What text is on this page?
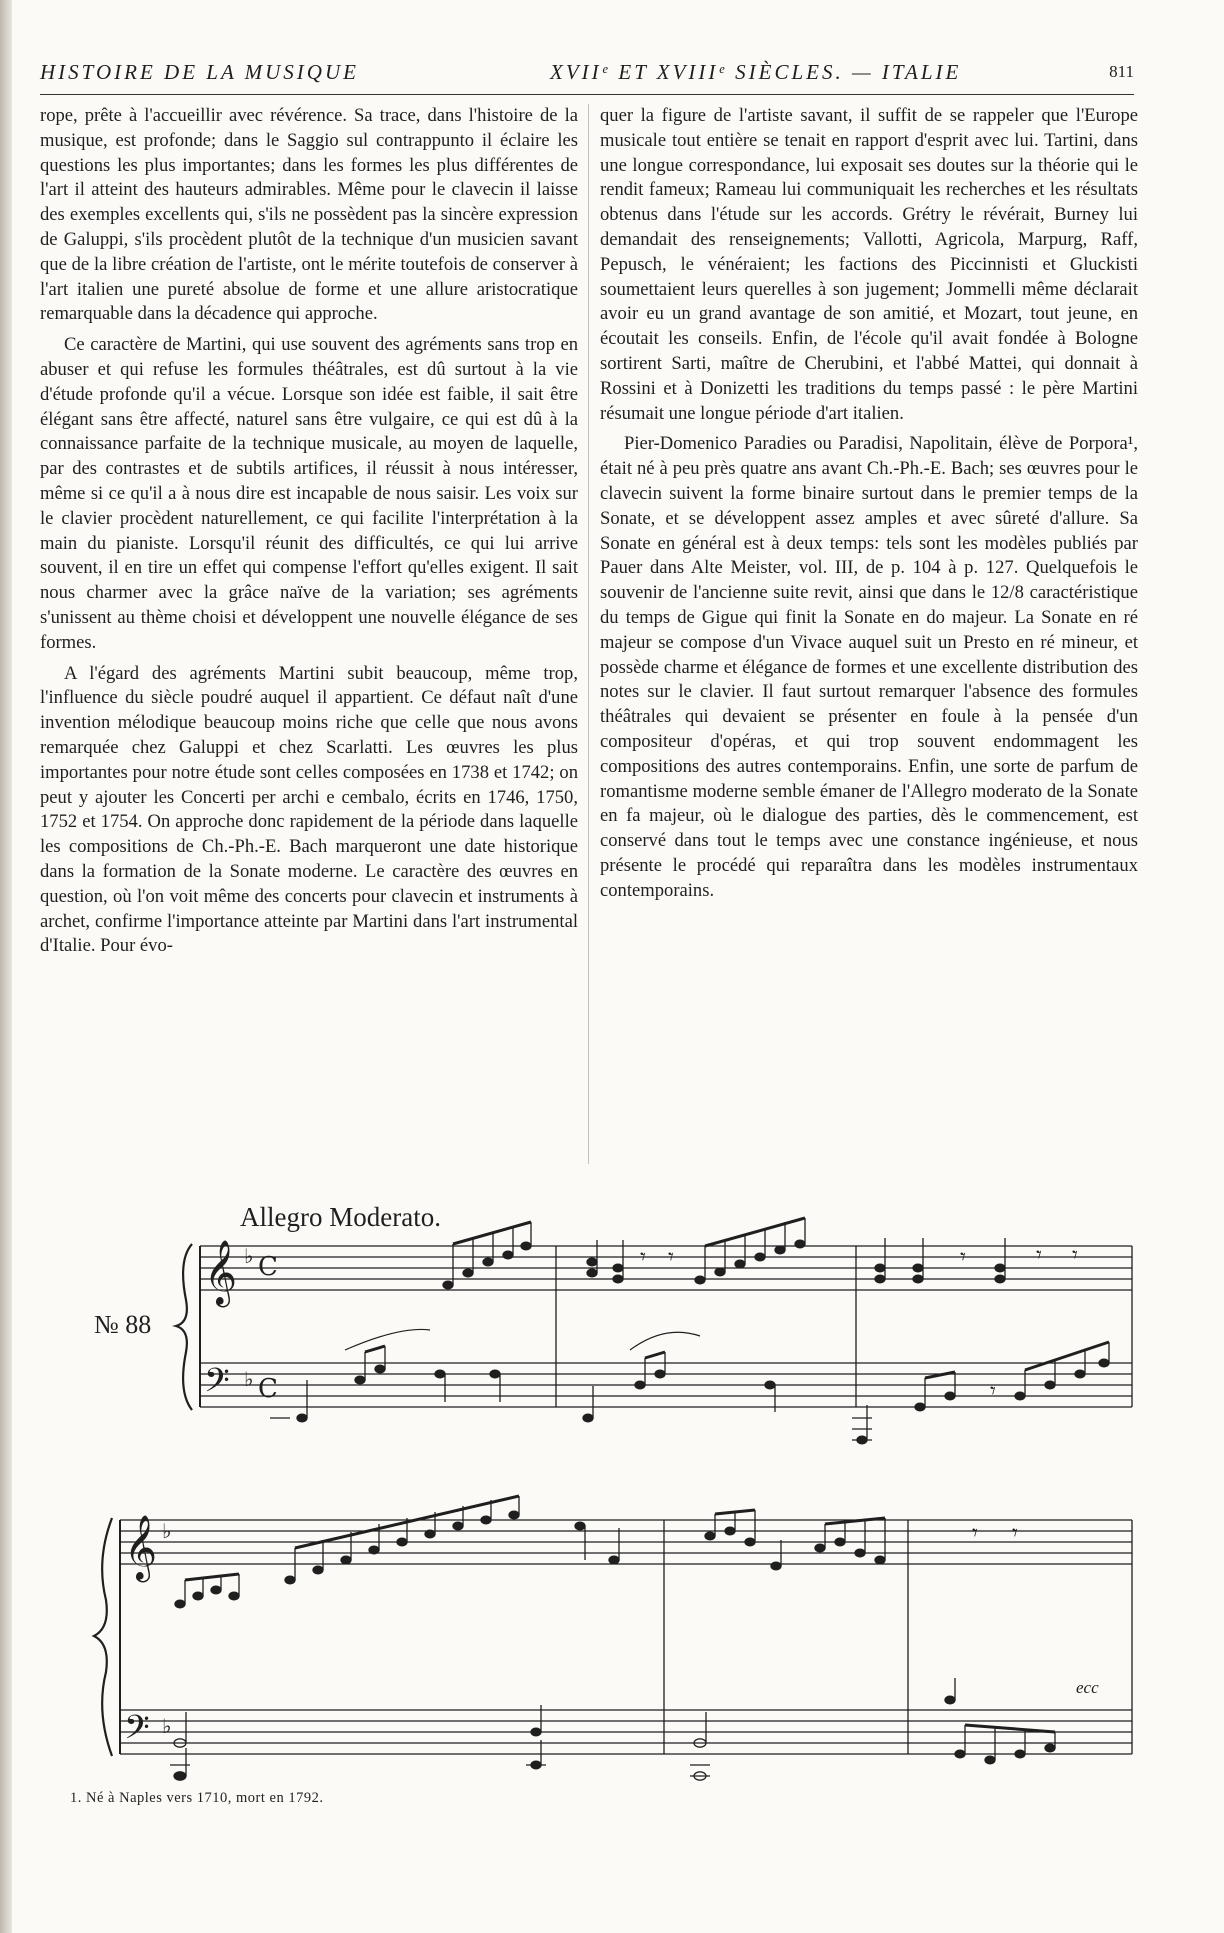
HISTOIRE DE LA MUSIQUE	XVIIᵉ ET XVIIIᵉ SIÈCLES. — ITALIE	811

rope, prête à l'accueillir avec révérence. Sa trace, dans l'histoire de la musique, est profonde; dans le Saggio sul contrappunto il éclaire les questions les plus importantes; dans les formes les plus différentes de l'art il atteint des hauteurs admirables. Même pour le clavecin il laisse des exemples excellents qui, s'ils ne possèdent pas la sincère expression de Galuppi, s'ils procèdent plutôt de la technique d'un musicien savant que de la libre création de l'artiste, ont le mérite toutefois de conserver à l'art italien une pureté absolue de forme et une allure aristocratique remarquable dans la décadence qui approche.

Ce caractère de Martini, qui use souvent des agréments sans trop en abuser et qui refuse les formules théâtrales, est dû surtout à la vie d'étude profonde qu'il a vécue. Lorsque son idée est faible, il sait être élégant sans être affecté, naturel sans être vulgaire, ce qui est dû à la connaissance parfaite de la technique musicale, au moyen de laquelle, par des contrastes et de subtils artifices, il réussit à nous intéresser, même si ce qu'il a à nous dire est incapable de nous saisir. Les voix sur le clavier procèdent naturellement, ce qui facilite l'interprétation à la main du pianiste. Lorsqu'il réunit des difficultés, ce qui lui arrive souvent, il en tire un effet qui compense l'effort qu'elles exigent. Il sait nous charmer avec la grâce naïve de la variation; ses agréments s'unissent au thème choisi et développent une nouvelle élégance de ses formes.

A l'égard des agréments Martini subit beaucoup, même trop, l'influence du siècle poudré auquel il appartient. Ce défaut naît d'une invention mélodique beaucoup moins riche que celle que nous avons remarquée chez Galuppi et chez Scarlatti. Les œuvres les plus importantes pour notre étude sont celles composées en 1738 et 1742; on peut y ajouter les Concerti per archi e cembalo, écrits en 1746, 1750, 1752 et 1754. On approche donc rapidement de la période dans laquelle les compositions de Ch.-Ph.-E. Bach marqueront une date historique dans la formation de la Sonate moderne. Le caractère des œuvres en question, où l'on voit même des concerts pour clavecin et instruments à archet, confirme l'importance atteinte par Martini dans l'art instrumental d'Italie. Pour évo-

quer la figure de l'artiste savant, il suffit de se rappeler que l'Europe musicale tout entière se tenait en rapport d'esprit avec lui. Tartini, dans une longue correspondance, lui exposait ses doutes sur la théorie qui le rendit fameux; Rameau lui communiquait les recherches et les résultats obtenus dans l'étude sur les accords. Grétry le révérait, Burney lui demandait des renseignements; Vallotti, Agricola, Marpurg, Raff, Pepusch, le vénéraient; les factions des Piccinnisti et Gluckisti soumettaient leurs querelles à son jugement; Jommelli même déclarait avoir eu un grand avantage de son amitié, et Mozart, tout jeune, en écoutait les conseils. Enfin, de l'école qu'il avait fondée à Bologne sortirent Sarti, maître de Cherubini, et l'abbé Mattei, qui donnait à Rossini et à Donizetti les traditions du temps passé : le père Martini résumait une longue période d'art italien.

Pier-Domenico Paradies ou Paradisi, Napolitain, élève de Porpora¹, était né à peu près quatre ans avant Ch.-Ph.-E. Bach; ses œuvres pour le clavecin suivent la forme binaire surtout dans le premier temps de la Sonate, et se développent assez amples et avec sûreté d'allure. Sa Sonate en général est à deux temps: tels sont les modèles publiés par Pauer dans Alte Meister, vol. III, de p. 104 à p. 127. Quelquefois le souvenir de l'ancienne suite revit, ainsi que dans le 12/8 caractéristique du temps de Gigue qui finit la Sonate en do majeur. La Sonate en ré majeur se compose d'un Vivace auquel suit un Presto en ré mineur, et possède charme et élégance de formes et une excellente distribution des notes sur le clavier. Il faut surtout remarquer l'absence des formules théâtrales qui devaient se présenter en foule à la pensée d'un compositeur d'opéras, et qui trop souvent endommagent les compositions des autres contemporains. Enfin, une sorte de parfum de romantisme moderne semble émaner de l'Allegro moderato de la Sonate en fa majeur, où le dialogue des parties, dès le commencement, est conservé dans tout le temps avec une constance ingénieuse, et nous présente le procédé qui reparaîtra dans les modèles instrumentaux contemporains.

Allegro Moderato.
№ 88
ecc
𝄞 ♭ C
𝄢 ♭ C
𝄞 ♭
𝄢 ♭
𝄾 𝄾	𝄾	𝄾 𝄾
𝄾 𝄾
𝄾
1. Né à Naples vers 1710, mort en 1792.
